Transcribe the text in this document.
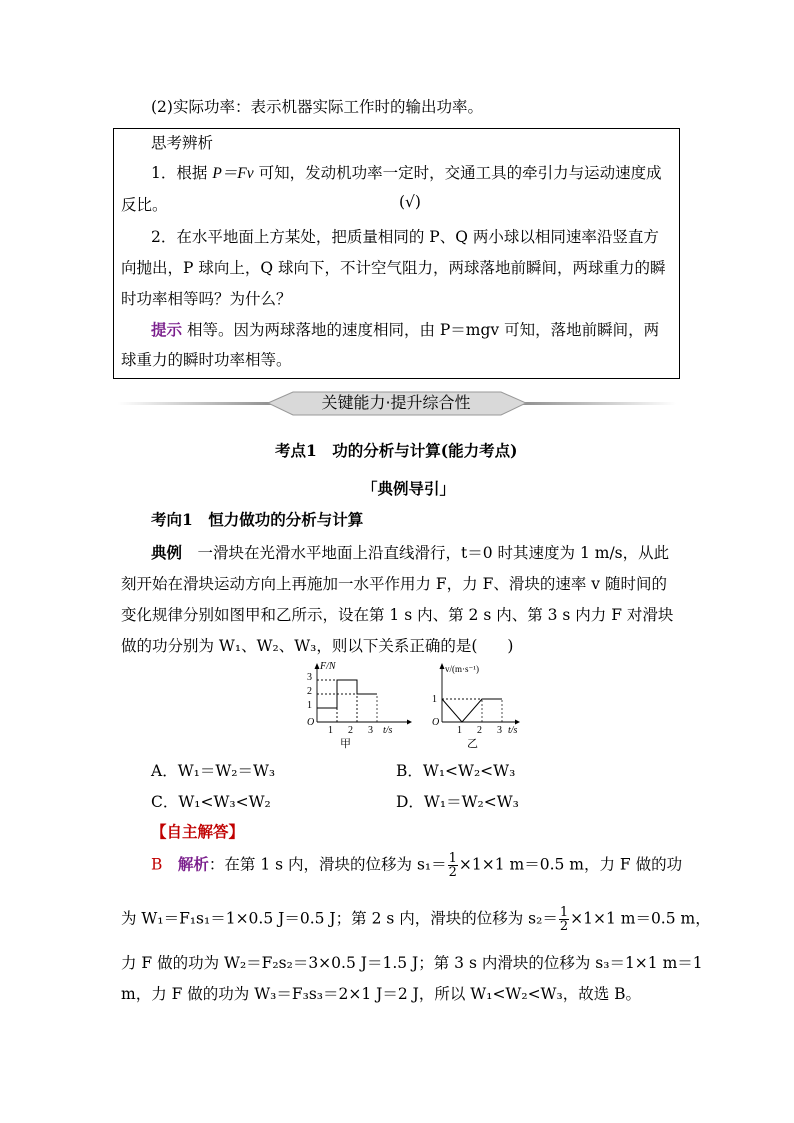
(2)实际功率：表示机器实际工作时的输出功率。
思考辨析
1．根据 P＝Fv 可知，发动机功率一定时，交通工具的牵引力与运动速度成
反比。	(√)
2．在水平地面上方某处，把质量相同的 P、Q 两小球以相同速率沿竖直方
向抛出，P 球向上，Q 球向下，不计空气阻力，两球落地前瞬间，两球重力的瞬
时功率相等吗？为什么？
提示 相等。因为两球落地的速度相同，由 P＝mgv 可知，落地前瞬间，两
球重力的瞬时功率相等。
关键能力·提升综合性
考点1　功的分析与计算(能力考点)
「典例导引」
考向1　恒力做功的分析与计算
典例　 一滑块在光滑水平地面上沿直线滑行，t＝0 时其速度为 1 m/s，从此
刻开始在滑块运动方向上再施加一水平作用力 F，力 F、滑块的速率 v 随时间的
变化规律分别如图甲和乙所示，设在第 1 s 内、第 2 s 内、第 3 s 内力 F 对滑块
做的功分别为 W₁、W₂、W₃，则以下关系正确的是( )
F/N
3
2
1
O
1 2 3 t/s
甲
v/(m·s⁻¹)
1
O
1 2 3 t/s
乙
A．W₁＝W₂＝W₃	B．W₁<W₂<W₃
C．W₁<W₃<W₂	D．W₁＝W₂<W₃
【自主解答】
B　 解析：在第 1 s 内，滑块的位移为 $s_1= \frac{1}{2} \times 1\times 1$ m＝0.5 m，力 F 做的功
为 W₁＝F₁s₁＝1×0.5 J＝0.5 J；第 2 s 内，滑块的位移为 $s_2= \frac{1}{2} \times 1\times 1$ m＝0.5 m，
力 F 做的功为 W₂＝F₂s₂＝3×0.5 J＝1.5 J；第 3 s 内滑块的位移为 s₃＝1×1 m＝1
m，力 F 做的功为 W₃＝F₃s₃＝2×1 J＝2 J，所以 W₁<W₂<W₃，故选 B。
